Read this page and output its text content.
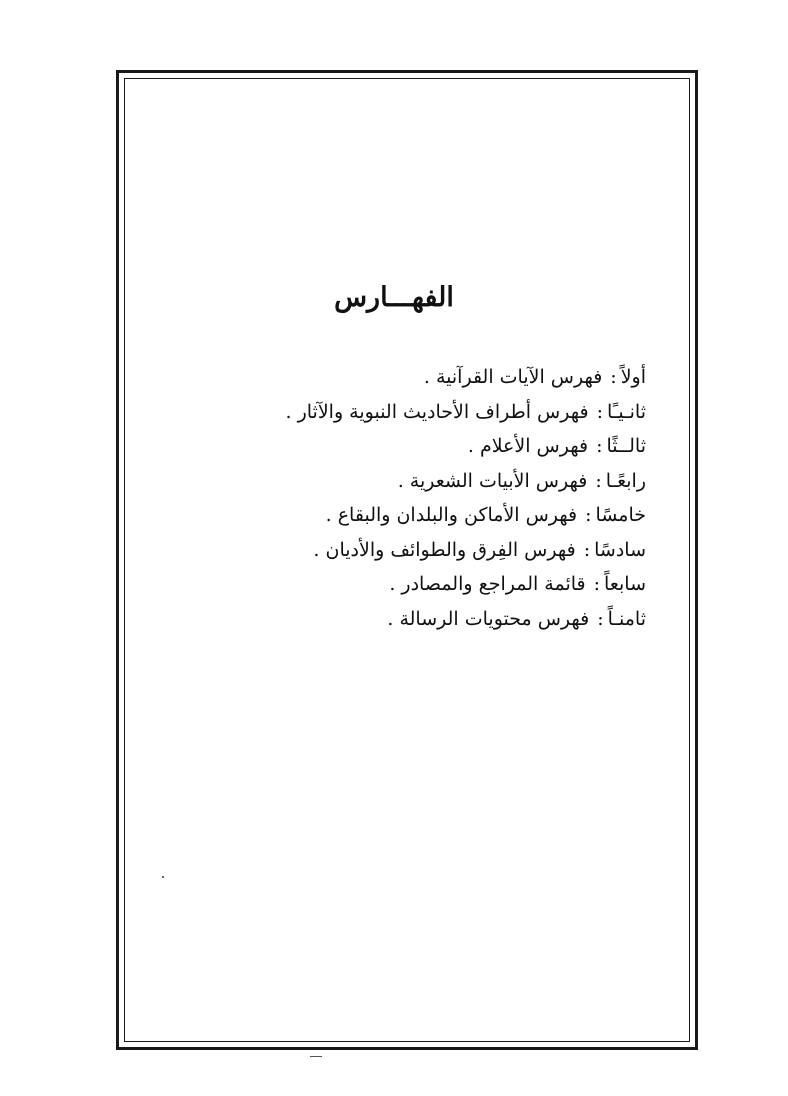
الفهـــارس
أولاً:فهرس الآيات القرآنية .
ثانـيـًا:فهرس أطراف الأحاديث النبوية والآثار .
ثالــثًا:فهرس الأعلام .
رابعًـا:فهرس الأبيات الشعرية .
خامسًا:فهرس الأماكن والبلدان والبقاع .
سادسًا:فهرس الفِرق والطوائف والأديان .
سابعاً:قائمة المراجع والمصادر .
ثامنـاً:فهرس محتويات الرسالة .
